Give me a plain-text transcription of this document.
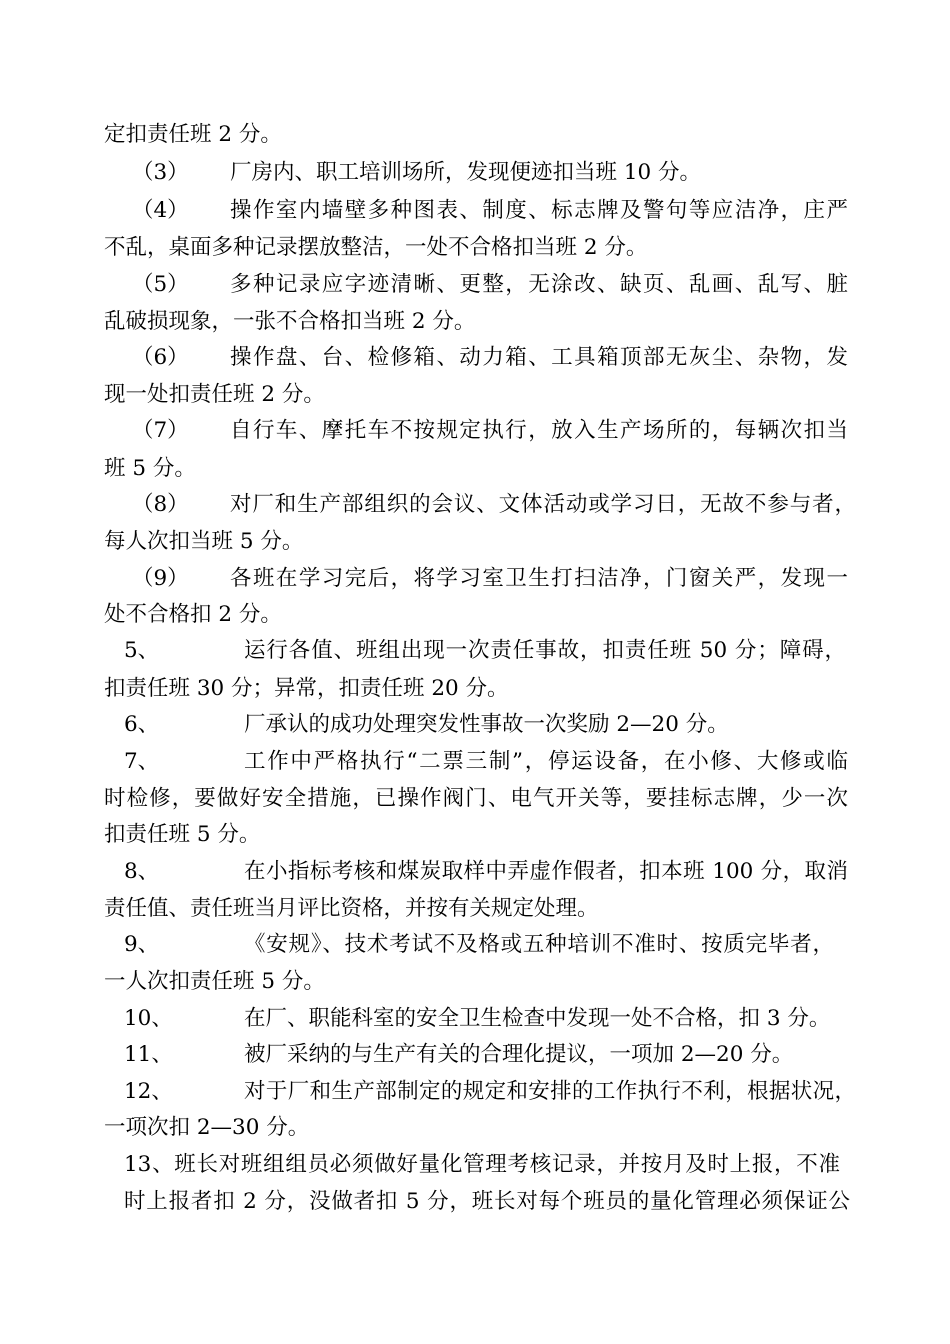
定扣责任班 2 分。
（3） 厂房内、职工培训场所，发现便迹扣当班 10 分。
（4） 操作室内墙壁多种图表、制度、标志牌及警句等应洁净，庄严
不乱，桌面多种记录摆放整洁，一处不合格扣当班 2 分。
（5） 多种记录应字迹清晰、更整，无涂改、缺页、乱画、乱写、脏
乱破损现象，一张不合格扣当班 2 分。
（6） 操作盘、台、检修箱、动力箱、工具箱顶部无灰尘、杂物，发
现一处扣责任班 2 分。
（7） 自行车、摩托车不按规定执行，放入生产场所的，每辆次扣当
班 5 分。
（8） 对厂和生产部组织的会议、文体活动或学习日，无故不参与者，
每人次扣当班 5 分。
（9） 各班在学习完后，将学习室卫生打扫洁净，门窗关严，发现一
处不合格扣 2 分。
5、	运行各值、班组出现一次责任事故，扣责任班 50 分；障碍，
扣责任班 30 分；异常，扣责任班 20 分。
6、	厂承认的成功处理突发性事故一次奖励 2—20 分。
7、	工作中严格执行“二票三制”，停运设备，在小修、大修或临
时检修，要做好安全措施，已操作阀门、电气开关等，要挂标志牌，少一次
扣责任班 5 分。
8、	在小指标考核和煤炭取样中弄虚作假者，扣本班 100 分，取消
责任值、责任班当月评比资格，并按有关规定处理。
9、	《安规》、技术考试不及格或五种培训不准时、按质完毕者，
一人次扣责任班 5 分。
10、	在厂、职能科室的安全卫生检查中发现一处不合格，扣 3 分。
11、	被厂采纳的与生产有关的合理化提议，一项加 2—20 分。
12、	对于厂和生产部制定的规定和安排的工作执行不利，根据状况，
一项次扣 2—30 分。
13、班长对班组组员必须做好量化管理考核记录，并按月及时上报，不准
时上报者扣 2 分，没做者扣 5 分，班长对每个班员的量化管理必须保证公
